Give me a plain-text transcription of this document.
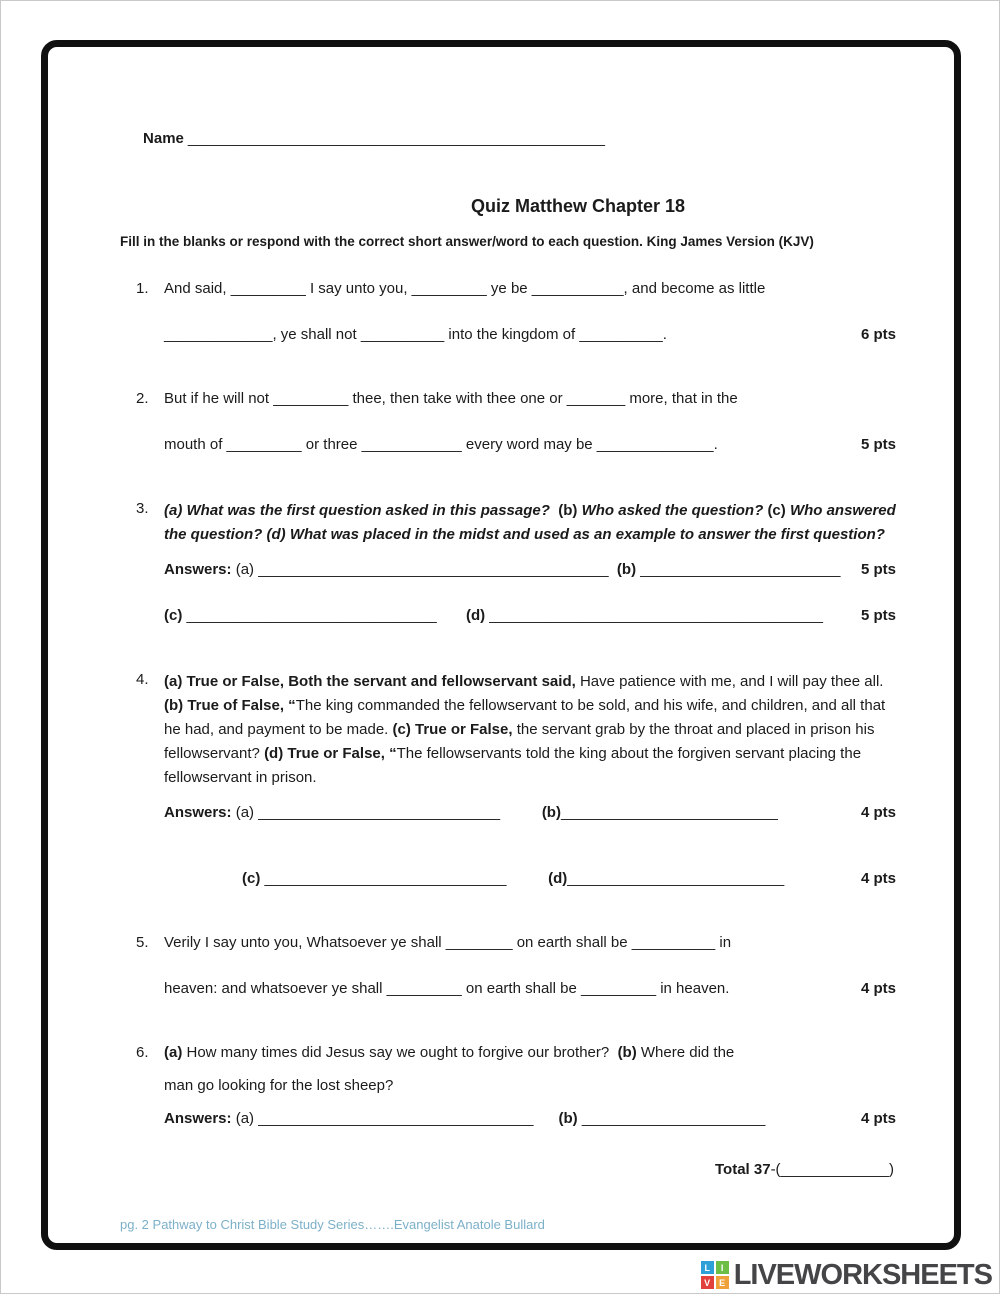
Name __________________________________________________

Quiz Matthew Chapter 18
Fill in the blanks or respond with the correct short answer/word to each question. King James Version (KJV)
1.	And said, _________ I say unto you, _________ ye be ___________, and become as little
_____________, ye shall not __________ into the kingdom of __________.	6 pts
2.	But if he will not _________ thee, then take with thee one or _______ more, that in the
mouth of _________ or three ____________ every word may be ______________.	5 pts
3.	(a) What was the first question asked in this passage?  (b) Who asked the question? (c) Who answered the question? (d) What was placed in the midst and used as an example to answer the first question?
Answers: (a) __________________________________________  (b) ________________________	5 pts
(c) ______________________________       (d) ________________________________________	5 pts
4.	(a) True or False, Both the servant and fellowservant said, Have patience with me, and I will pay thee all. (b) True of False, “The king commanded the fellowservant to be sold, and his wife, and children, and all that he had, and payment to be made. (c) True or False, the servant grab by the throat and placed in prison his fellowservant? (d) True or False, “The fellowservants told the king about the forgiven servant placing the fellowservant in prison.
Answers: (a) _____________________________          (b)__________________________	4 pts
(c) _____________________________          (d)__________________________	4 pts
5.	Verily I say unto you, Whatsoever ye shall ________ on earth shall be __________ in
heaven: and whatsoever ye shall _________ on earth shall be _________ in heaven.	4 pts
6.	(a) How many times did Jesus say we ought to forgive our brother?  (b) Where did the
man go looking for the lost sheep?
Answers: (a) _________________________________      (b) ______________________	4 pts
Total 37-(_____________)
pg. 2 Pathway to Christ Bible Study Series…….Evangelist Anatole Bullard
L	I
V E LIVEWORKSHEETS
